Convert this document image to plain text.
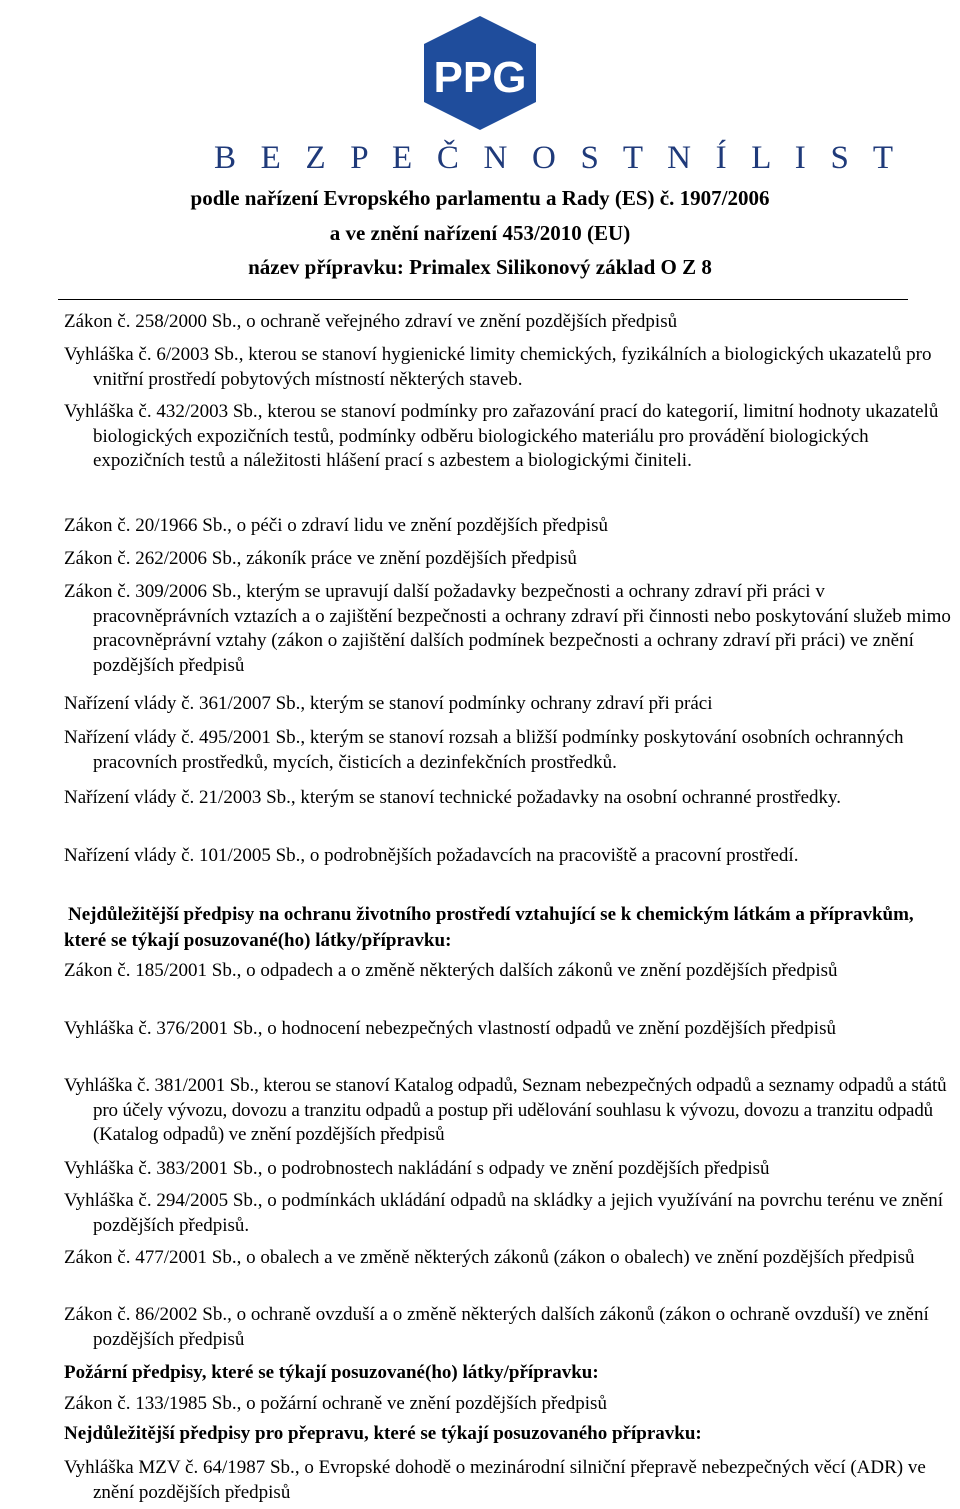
PPG
B E Z P E Č N O S T N Í L I S T
podle nařízení Evropského parlamentu a Rady (ES) č. 1907/2006
a ve znění nařízení 453/2010 (EU)
název přípravku: Primalex Silikonový základ O Z 8
Zákon č. 258/2000 Sb., o ochraně veřejného zdraví ve znění pozdějších předpisů
Vyhláška č. 6/2003 Sb., kterou se stanoví hygienické limity chemických, fyzikálních a biologických ukazatelů pro vnitřní prostředí pobytových místností některých staveb.
Vyhláška č. 432/2003 Sb., kterou se stanoví podmínky pro zařazování prací do kategorií, limitní hodnoty ukazatelů biologických expozičních testů, podmínky odběru biologického materiálu pro provádění biologických expozičních testů a náležitosti hlášení prací s azbestem a biologickými činiteli.
Zákon č. 20/1966 Sb., o péči o zdraví lidu ve znění pozdějších předpisů
Zákon č. 262/2006 Sb., zákoník práce ve znění pozdějších předpisů
Zákon č. 309/2006 Sb., kterým se upravují další požadavky bezpečnosti a ochrany zdraví při práci v pracovněprávních vztazích a o zajištění bezpečnosti a ochrany zdraví při činnosti nebo poskytování služeb mimo pracovněprávní vztahy (zákon o zajištění dalších podmínek bezpečnosti a ochrany zdraví při práci) ve znění pozdějších předpisů
Nařízení vlády č. 361/2007 Sb., kterým se stanoví podmínky ochrany zdraví při práci
Nařízení vlády č. 495/2001 Sb., kterým se stanoví rozsah a bližší podmínky poskytování osobních ochranných pracovních prostředků, mycích, čisticích a dezinfekčních prostředků.
Nařízení vlády č. 21/2003 Sb., kterým se stanoví technické požadavky na osobní ochranné prostředky.
Nařízení vlády č. 101/2005 Sb., o podrobnějších požadavcích na pracoviště a pracovní prostředí.
Nejdůležitější předpisy na ochranu životního prostředí vztahující se k chemickým látkám a přípravkům, které se týkají posuzované(ho) látky/přípravku:
Zákon č. 185/2001 Sb., o odpadech a o změně některých dalších zákonů ve znění pozdějších předpisů
Vyhláška č. 376/2001 Sb., o hodnocení nebezpečných vlastností odpadů ve znění pozdějších předpisů
Vyhláška č. 381/2001 Sb., kterou se stanoví Katalog odpadů, Seznam nebezpečných odpadů a seznamy odpadů a států pro účely vývozu, dovozu a tranzitu odpadů a postup při udělování souhlasu k vývozu, dovozu a tranzitu odpadů (Katalog odpadů) ve znění pozdějších předpisů
Vyhláška č. 383/2001 Sb., o podrobnostech nakládání s odpady ve znění pozdějších předpisů
Vyhláška č. 294/2005 Sb., o podmínkách ukládání odpadů na skládky a jejich využívání na povrchu terénu ve znění pozdějších předpisů.
Zákon č. 477/2001 Sb., o obalech a ve změně některých zákonů (zákon o obalech) ve znění pozdějších předpisů
Zákon č. 86/2002 Sb., o ochraně ovzduší a o změně některých dalších zákonů (zákon o ochraně ovzduší) ve znění pozdějších předpisů
Požární předpisy, které se týkají posuzované(ho) látky/přípravku:
Zákon č. 133/1985 Sb., o požární ochraně ve znění pozdějších předpisů
Nejdůležitější předpisy pro přepravu, které se týkají posuzovaného přípravku:
Vyhláška MZV č. 64/1987 Sb., o Evropské dohodě o mezinárodní silniční přepravě nebezpečných věcí (ADR) ve znění pozdějších předpisů
